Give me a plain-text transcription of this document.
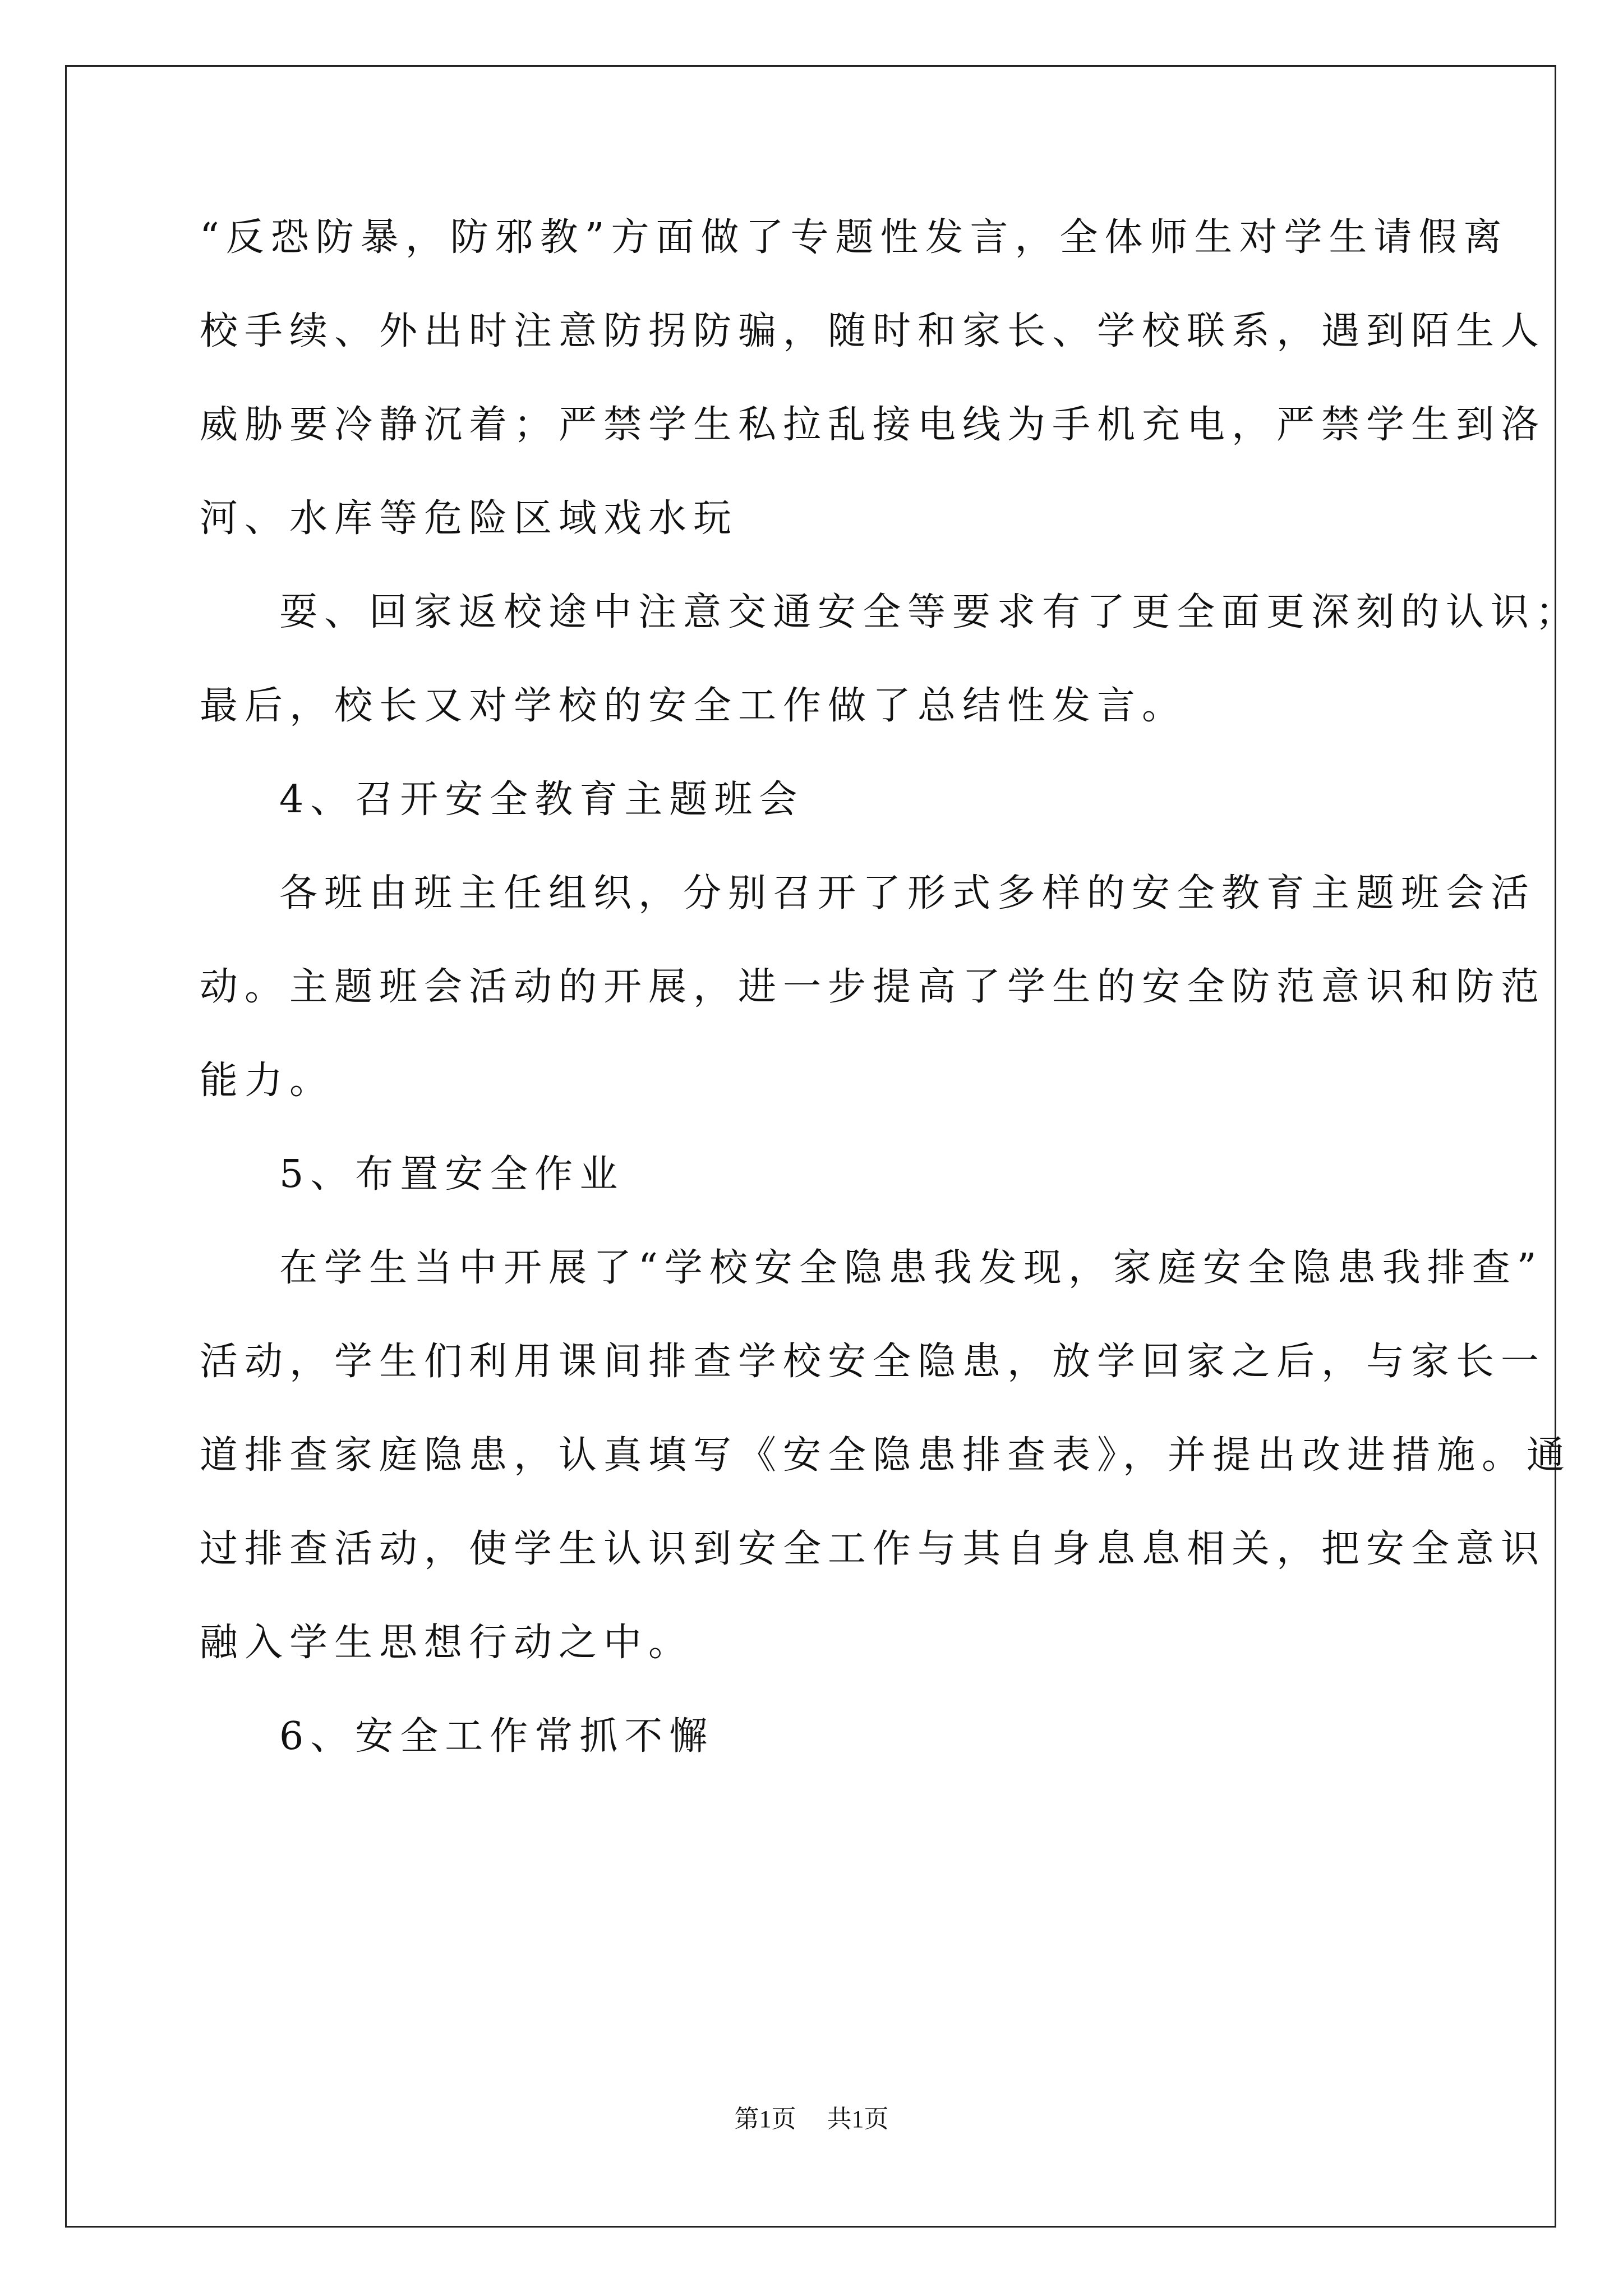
“反恐防暴，防邪教”方面做了专题性发言，全体师生对学生请假离
校手续、外出时注意防拐防骗，随时和家长、学校联系，遇到陌生人
威胁要冷静沉着；严禁学生私拉乱接电线为手机充电，严禁学生到洛
河、水库等危险区域戏水玩
耍、回家返校途中注意交通安全等要求有了更全面更深刻的认识；
最后，校长又对学校的安全工作做了总结性发言。
4、召开安全教育主题班会
各班由班主任组织，分别召开了形式多样的安全教育主题班会活
动。主题班会活动的开展，进一步提高了学生的安全防范意识和防范
能力。
5、布置安全作业
在学生当中开展了“学校安全隐患我发现，家庭安全隐患我排查”
活动，学生们利用课间排查学校安全隐患，放学回家之后，与家长一
道排查家庭隐患，认真填写《安全隐患排查表》，并提出改进措施。通
过排查活动，使学生认识到安全工作与其自身息息相关，把安全意识
融入学生思想行动之中。
6、安全工作常抓不懈
第1页 共1页
